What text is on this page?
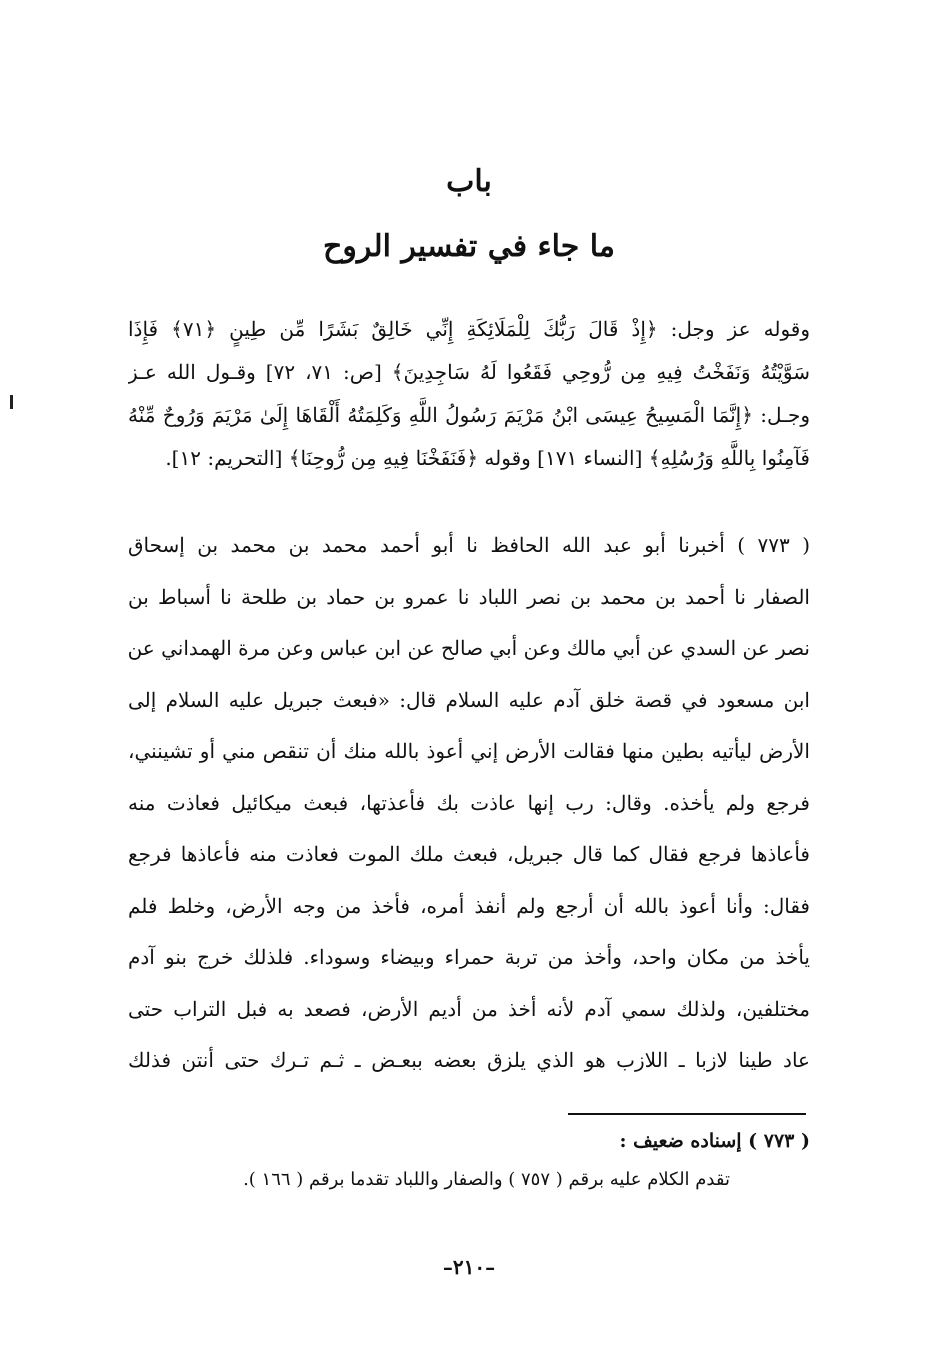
باب
ما جاء في تفسير الروح
وقوله عز وجل: ﴿إِذْ قَالَ رَبُّكَ لِلْمَلَائِكَةِ إِنِّي خَالِقٌ بَشَرًا مِّن طِينٍ ﴿٧١﴾ فَإِذَا
سَوَّيْتُهُ وَنَفَخْتُ فِيهِ مِن رُّوحِي فَقَعُوا لَهُ سَاجِدِينَ﴾ [ص: ٧١، ٧٢] وقـول الله عـز
وجـل: ﴿إِنَّمَا الْمَسِيحُ عِيسَى ابْنُ مَرْيَمَ رَسُولُ اللَّهِ وَكَلِمَتُهُ أَلْقَاهَا إِلَىٰ مَرْيَمَ وَرُوحٌ مِّنْهُ
فَآمِنُوا بِاللَّهِ وَرُسُلِهِ﴾ [النساء ١٧١] وقوله ﴿فَنَفَخْنَا فِيهِ مِن رُّوحِنَا﴾ [التحريم: ١٢].
( ٧٧٣ ) أخبرنا أبو عبد الله الحافظ نا أبو أحمد محمد بن محمد بن إسحاق
الصفار نا أحمد بن محمد بن نصر اللباد نا عمرو بن حماد بن طلحة نا أسباط بن
نصر عن السدي عن أبي مالك وعن أبي صالح عن ابن عباس وعن مرة الهمداني عن
ابن مسعود في قصة خلق آدم عليه السلام قال: «فبعث جبريل عليه السلام إلى
الأرض ليأتيه بطين منها فقالت الأرض إني أعوذ بالله منك أن تنقص مني أو تشينني،
فرجع ولم يأخذه. وقال: رب إنها عاذت بك فأعذتها، فبعث ميكائيل فعاذت منه
فأعاذها فرجع فقال كما قال جبريل، فبعث ملك الموت فعاذت منه فأعاذها فرجع
فقال: وأنا أعوذ بالله أن أرجع ولم أنفذ أمره، فأخذ من وجه الأرض، وخلط فلم
يأخذ من مكان واحد، وأخذ من تربة حمراء وبيضاء وسوداء. فلذلك خرج بنو آدم
مختلفين، ولذلك سمي آدم لأنه أخذ من أديم الأرض، فصعد به فبل التراب حتى
عاد طينا لازبا ـ اللازب هو الذي يلزق بعضه ببعـض ـ ثـم تـرك حتى أنتن فذلك
( ٧٧٣ ) إسناده ضعيف :
تقدم الكلام عليه برقم ( ٧٥٧ ) والصفار واللباد تقدما برقم ( ١٦٦ ).
–٢١٠–
